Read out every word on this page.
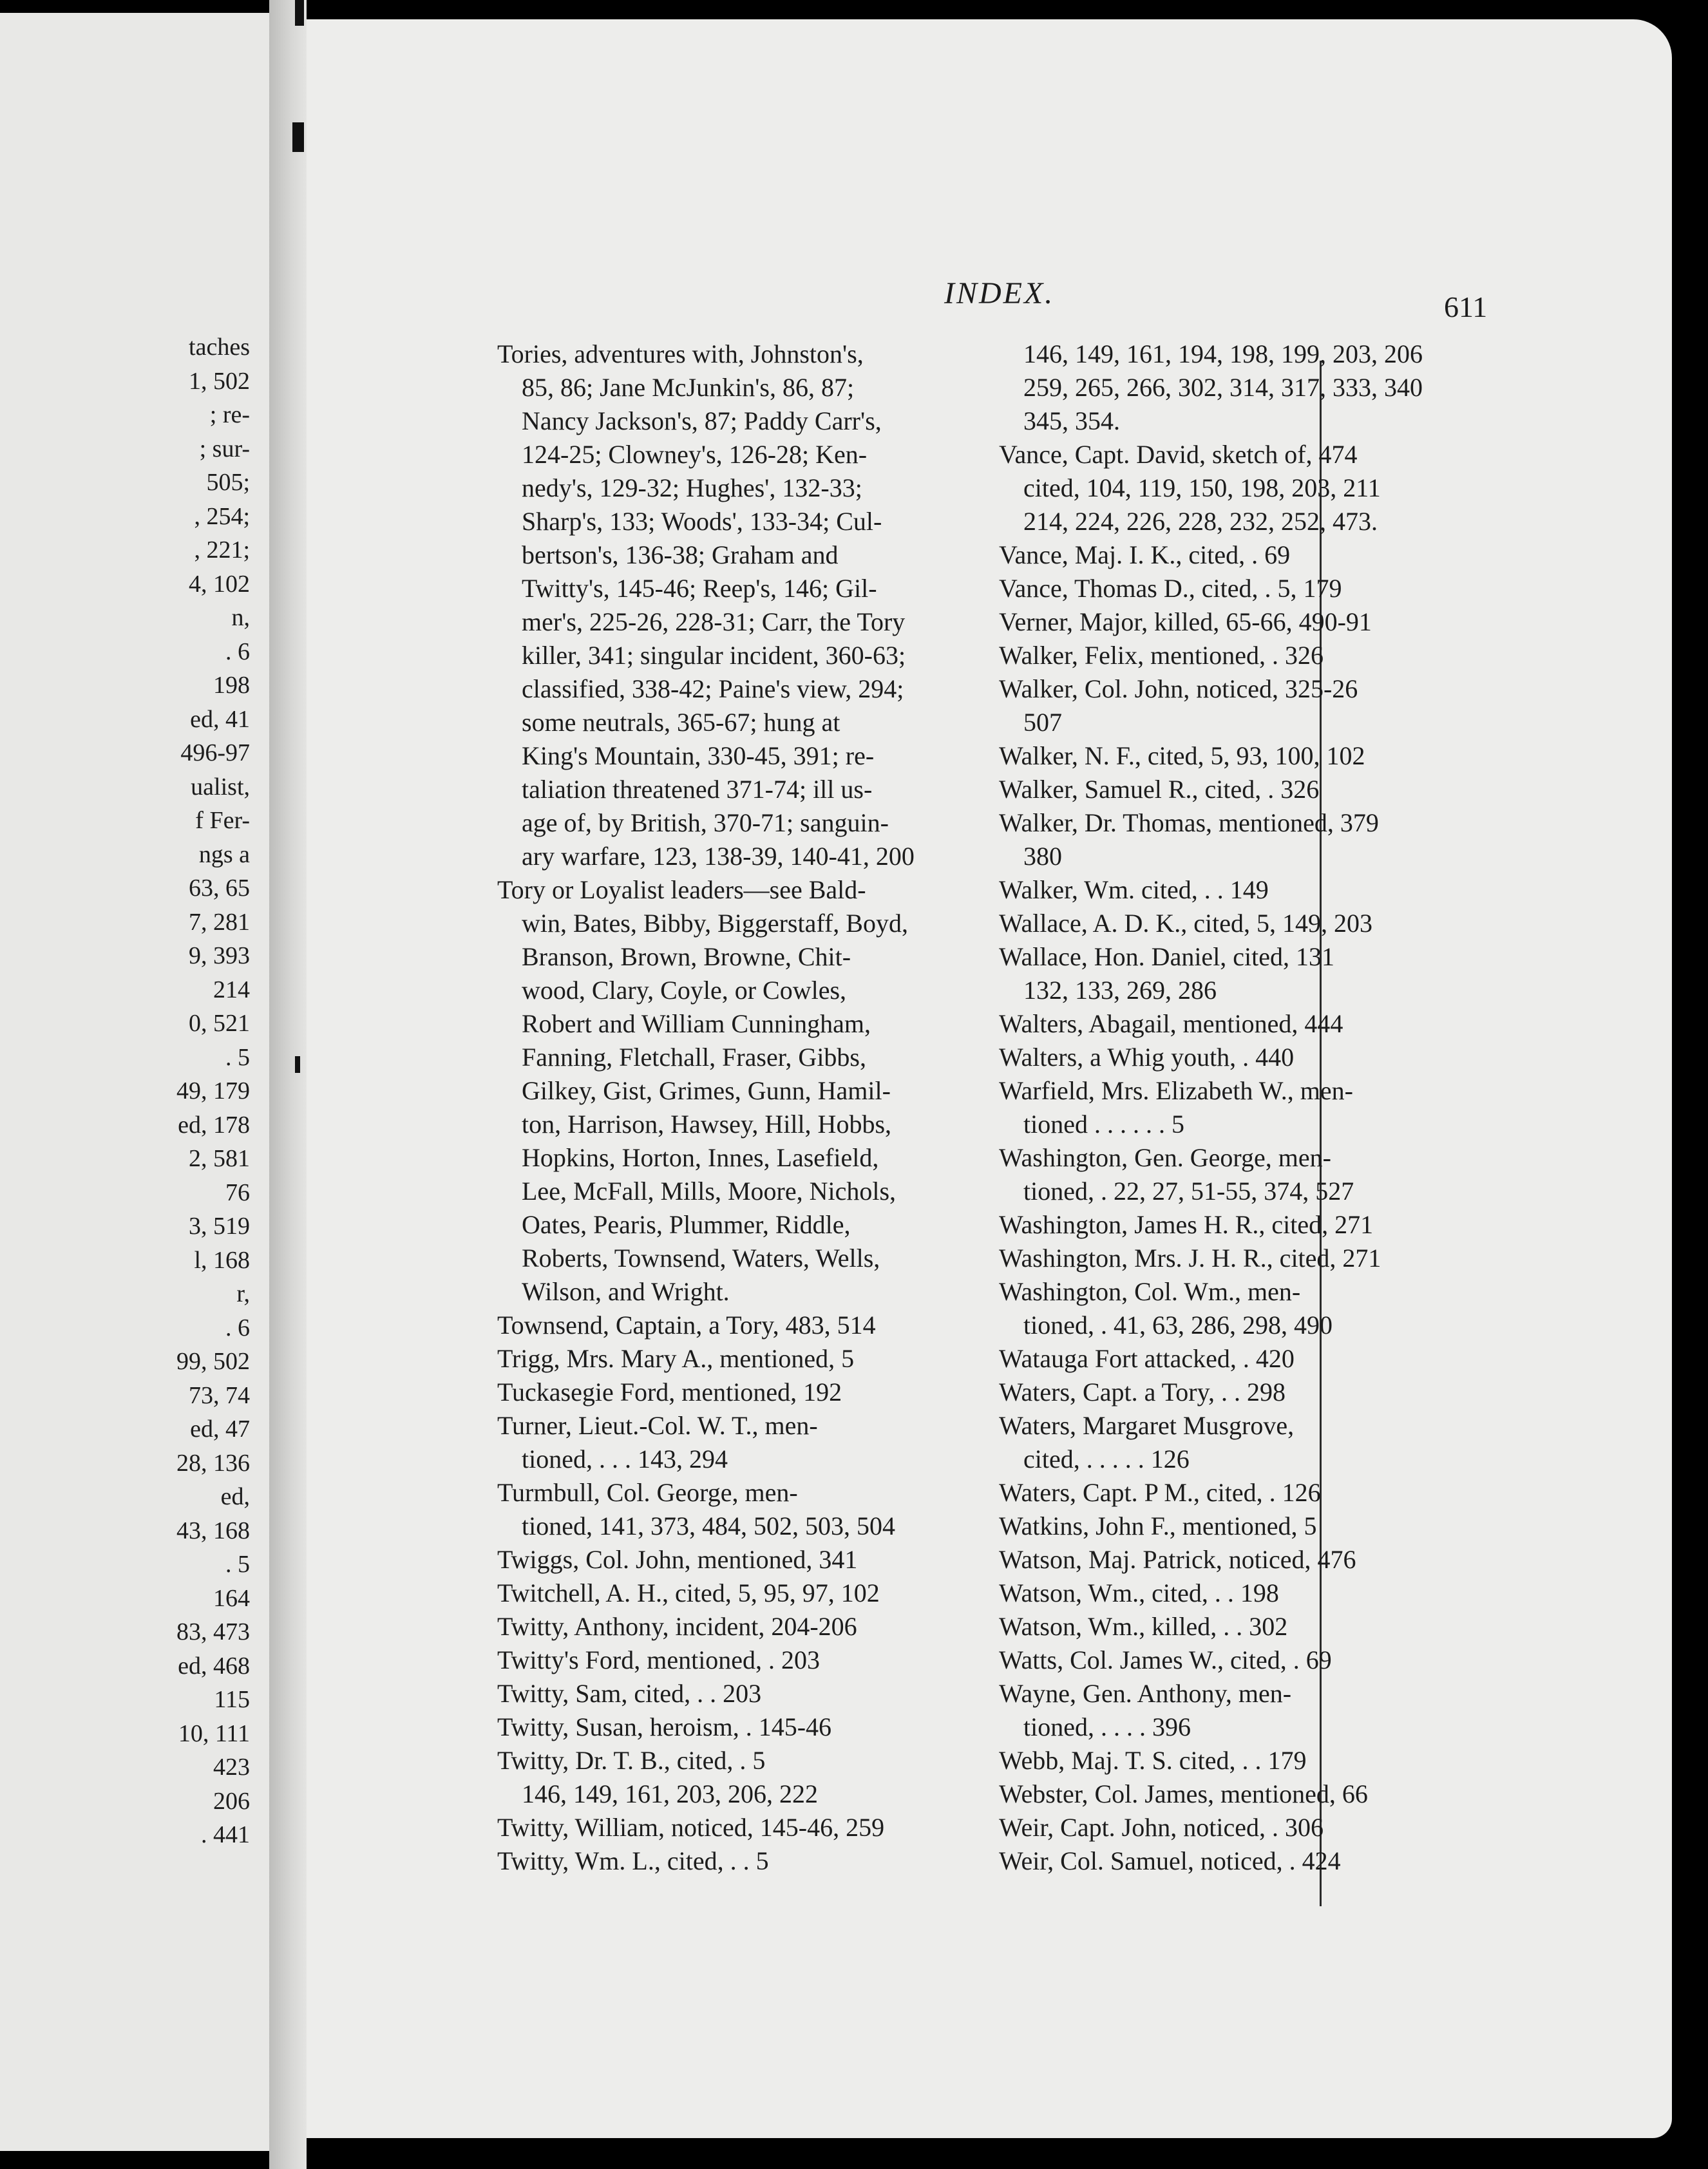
taches
1, 502
; re-
; sur-
505;
, 254;
, 221;
4, 102
n,
. 6
198
ed, 41
496-97
ualist,
f Fer-
ngs a
63, 65
7, 281
9, 393
214
0, 521
. 5
49, 179
ed, 178
2, 581
76
3, 519
l, 168
r,
. 6
99, 502
73, 74
ed, 47
28, 136
ed,
43, 168
. 5
164
83, 473
ed, 468
115
10, 111
423
206
. 441
INDEX.	611
Tories, adventures with, Johnston's,
85, 86; Jane McJunkin's, 86, 87;
Nancy Jackson's, 87; Paddy Carr's,
124-25; Clowney's, 126-28; Ken-
nedy's, 129-32; Hughes', 132-33;
Sharp's, 133; Woods', 133-34; Cul-
bertson's, 136-38; Graham and
Twitty's, 145-46; Reep's, 146; Gil-
mer's, 225-26, 228-31; Carr, the Tory
killer, 341; singular incident, 360-63;
classified, 338-42; Paine's view, 294;
some neutrals, 365-67; hung at
King's Mountain, 330-45, 391; re-
taliation threatened 371-74; ill us-
age of, by British, 370-71; sanguin-
ary warfare, 123, 138-39, 140-41, 200
Tory or Loyalist leaders—see Bald-
win, Bates, Bibby, Biggerstaff, Boyd,
Branson, Brown, Browne, Chit-
wood, Clary, Coyle, or Cowles,
Robert and William Cunningham,
Fanning, Fletchall, Fraser, Gibbs,
Gilkey, Gist, Grimes, Gunn, Hamil-
ton, Harrison, Hawsey, Hill, Hobbs,
Hopkins, Horton, Innes, Lasefield,
Lee, McFall, Mills, Moore, Nichols,
Oates, Pearis, Plummer, Riddle,
Roberts, Townsend, Waters, Wells,
Wilson, and Wright.
Townsend, Captain, a Tory, 483, 514
Trigg, Mrs. Mary A., mentioned, 5
Tuckasegie Ford, mentioned, 192
Turner, Lieut.-Col. W. T., men-
tioned, . . . 143, 294
Turmbull, Col. George, men-
tioned, 141, 373, 484, 502, 503, 504
Twiggs, Col. John, mentioned, 341
Twitchell, A. H., cited, 5, 95, 97, 102
Twitty, Anthony, incident, 204-206
Twitty's Ford, mentioned, . 203
Twitty, Sam, cited, . . 203
Twitty, Susan, heroism, . 145-46
Twitty, Dr. T. B., cited, . 5
146, 149, 161, 203, 206, 222
Twitty, William, noticed, 145-46, 259
Twitty, Wm. L., cited, . . 5
146, 149, 161, 194, 198, 199, 203, 206
259, 265, 266, 302, 314, 317, 333, 340
345, 354.
Vance, Capt. David, sketch of, 474
cited, 104, 119, 150, 198, 203, 211
214, 224, 226, 228, 232, 252, 473.
Vance, Maj. I. K., cited, . 69
Vance, Thomas D., cited, . 5, 179
Verner, Major, killed, 65-66, 490-91
Walker, Felix, mentioned, . 326
Walker, Col. John, noticed, 325-26
507
Walker, N. F., cited, 5, 93, 100, 102
Walker, Samuel R., cited, . 326
Walker, Dr. Thomas, mentioned, 379
380
Walker, Wm. cited, . . 149
Wallace, A. D. K., cited, 5, 149, 203
Wallace, Hon. Daniel, cited, 131
132, 133, 269, 286
Walters, Abagail, mentioned, 444
Walters, a Whig youth, . 440
Warfield, Mrs. Elizabeth W., men-
tioned . . . . . . 5
Washington, Gen. George, men-
tioned, . 22, 27, 51-55, 374, 527
Washington, James H. R., cited, 271
Washington, Mrs. J. H. R., cited, 271
Washington, Col. Wm., men-
tioned, . 41, 63, 286, 298, 490
Watauga Fort attacked, . 420
Waters, Capt. a Tory, . . 298
Waters, Margaret Musgrove,
cited, . . . . . 126
Waters, Capt. P M., cited, . 126
Watkins, John F., mentioned, 5
Watson, Maj. Patrick, noticed, 476
Watson, Wm., cited, . . 198
Watson, Wm., killed, . . 302
Watts, Col. James W., cited, . 69
Wayne, Gen. Anthony, men-
tioned, . . . . 396
Webb, Maj. T. S. cited, . . 179
Webster, Col. James, mentioned, 66
Weir, Capt. John, noticed, . 306
Weir, Col. Samuel, noticed, . 424
